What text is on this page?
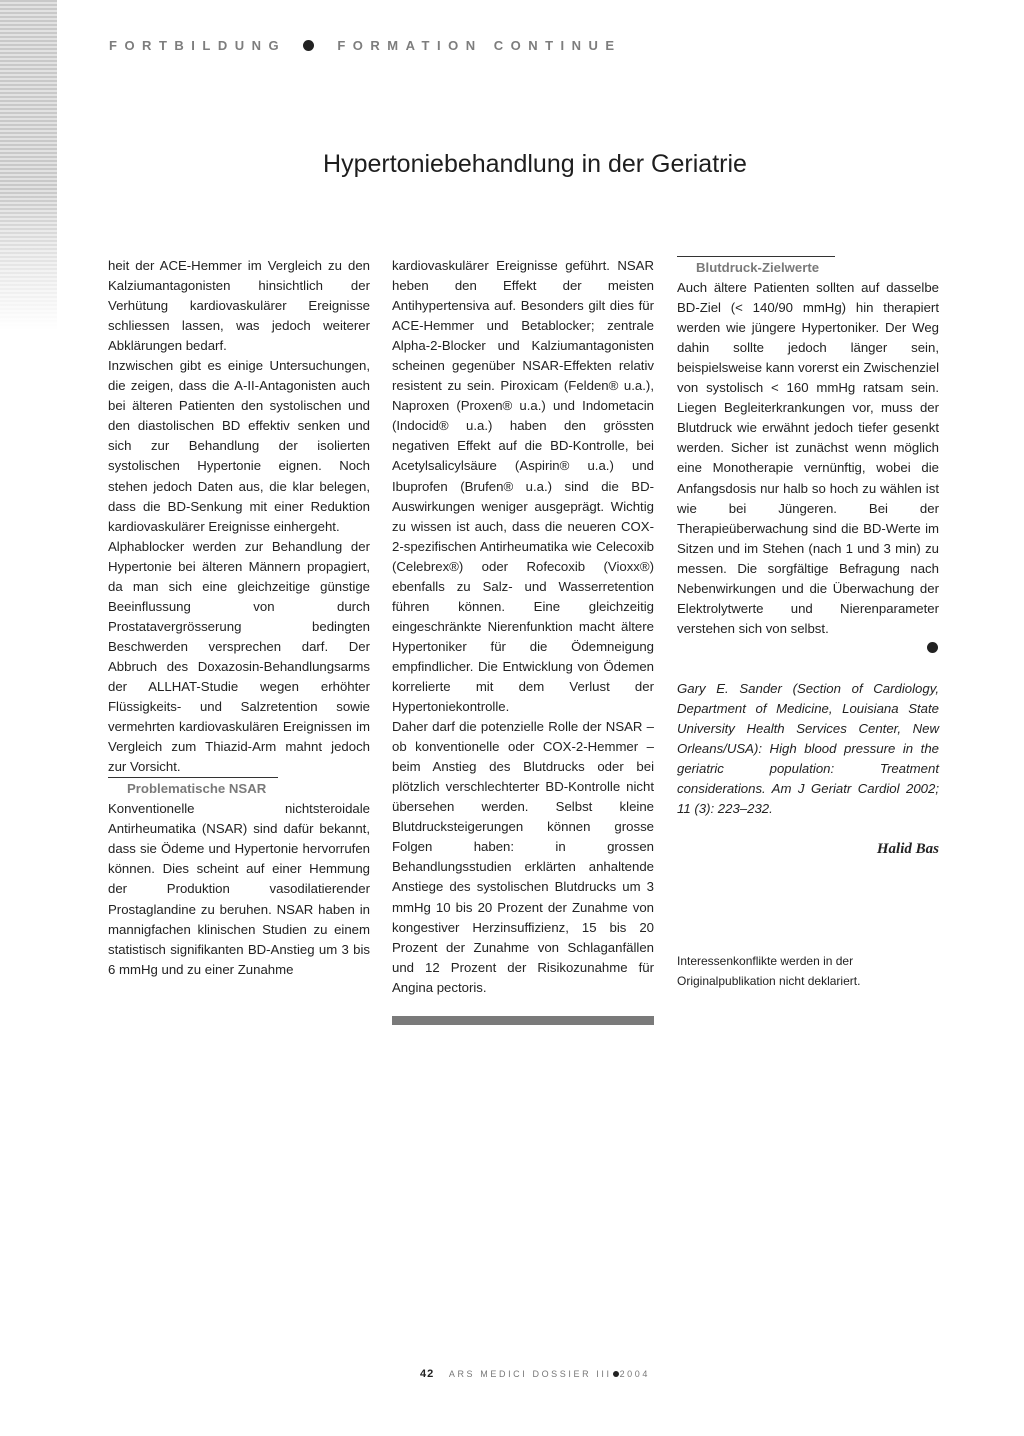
FORTBILDUNG	FORMATION CONTINUE
Hypertoniebehandlung in der Geriatrie

heit der ACE-Hemmer im Vergleich zu den Kalziumantagonisten hinsichtlich der Verhütung kardiovaskulärer Ereignisse schliessen lassen, was jedoch weiterer Abklärungen bedarf.

Inzwischen gibt es einige Untersuchungen, die zeigen, dass die A-II-Antagonisten auch bei älteren Patienten den systolischen und den diastolischen BD effektiv senken und sich zur Behandlung der isolierten systolischen Hypertonie eignen. Noch stehen jedoch Daten aus, die klar belegen, dass die BD-Senkung mit einer Reduktion kardiovaskulärer Ereignisse einhergeht.

Alphablocker werden zur Behandlung der Hypertonie bei älteren Männern propagiert, da man sich eine gleichzeitige günstige Beeinflussung von durch Prostatavergrösserung bedingten Beschwerden versprechen darf. Der Abbruch des Doxazosin-Behandlungsarms der ALLHAT-Studie wegen erhöhter Flüssigkeits- und Salzretention sowie vermehrten kardiovaskulären Ereignissen im Vergleich zum Thiazid-Arm mahnt jedoch zur Vorsicht.

Problematische NSAR

Konventionelle nichtsteroidale Antirheumatika (NSAR) sind dafür bekannt, dass sie Ödeme und Hypertonie hervorrufen können. Dies scheint auf einer Hemmung der Produktion vasodilatierender Prostaglandine zu beruhen. NSAR haben in mannigfachen klinischen Studien zu einem statistisch signifikanten BD-Anstieg um 3 bis 6 mmHg und zu einer Zunahme

kardiovaskulärer Ereignisse geführt. NSAR heben den Effekt der meisten Antihypertensiva auf. Besonders gilt dies für ACE-Hemmer und Betablocker; zentrale Alpha-2-Blocker und Kalziumantagonisten scheinen gegenüber NSAR-Effekten relativ resistent zu sein. Piroxicam (Felden® u.a.), Naproxen (Proxen® u.a.) und Indometacin (Indocid® u.a.) haben den grössten negativen Effekt auf die BD-Kontrolle, bei Acetylsalicylsäure (Aspirin® u.a.) und Ibuprofen (Brufen® u.a.) sind die BD-Auswirkungen weniger ausgeprägt. Wichtig zu wissen ist auch, dass die neueren COX-2-spezifischen Antirheumatika wie Celecoxib (Celebrex®) oder Rofecoxib (Vioxx®) ebenfalls zu Salz- und Wasserretention führen können. Eine gleichzeitig eingeschränkte Nierenfunktion macht ältere Hypertoniker für die Ödemneigung empfindlicher. Die Entwicklung von Ödemen korrelierte mit dem Verlust der Hypertoniekontrolle.

Daher darf die potenzielle Rolle der NSAR – ob konventionelle oder COX-2-Hemmer – beim Anstieg des Blutdrucks oder bei plötzlich verschlechterter BD-Kontrolle nicht übersehen werden. Selbst kleine Blutdrucksteigerungen können grosse Folgen haben: in grossen Behandlungsstudien erklärten anhaltende Anstiege des systolischen Blutdrucks um 3 mmHg 10 bis 20 Prozent der Zunahme von kongestiver Herzinsuffizienz, 15 bis 20 Prozent der Zunahme von Schlaganfällen und 12 Prozent der Risikozunahme für Angina pectoris.

Blutdruck-Zielwerte

Auch ältere Patienten sollten auf dasselbe BD-Ziel (< 140/90 mmHg) hin therapiert werden wie jüngere Hypertoniker. Der Weg dahin sollte jedoch länger sein, beispielsweise kann vorerst ein Zwischenziel von systolisch < 160 mmHg ratsam sein. Liegen Begleiterkrankungen vor, muss der Blutdruck wie erwähnt jedoch tiefer gesenkt werden. Sicher ist zunächst wenn möglich eine Monotherapie vernünftig, wobei die Anfangsdosis nur halb so hoch zu wählen ist wie bei Jüngeren. Bei der Therapieüberwachung sind die BD-Werte im Sitzen und im Stehen (nach 1 und 3 min) zu messen. Die sorgfältige Befragung nach Nebenwirkungen und die Überwachung der Elektrolytwerte und Nierenparameter verstehen sich von selbst.

Gary E. Sander (Section of Cardiology, Department of Medicine, Louisiana State University Health Services Center, New Orleans/USA): High blood pressure in the geriatric population: Treatment considerations. Am J Geriatr Cardiol 2002; 11 (3): 223–232.

Halid Bas

Interessenkonflikte werden in der Originalpublikation nicht deklariert.

42 ARS MEDICI DOSSIER III 2004
